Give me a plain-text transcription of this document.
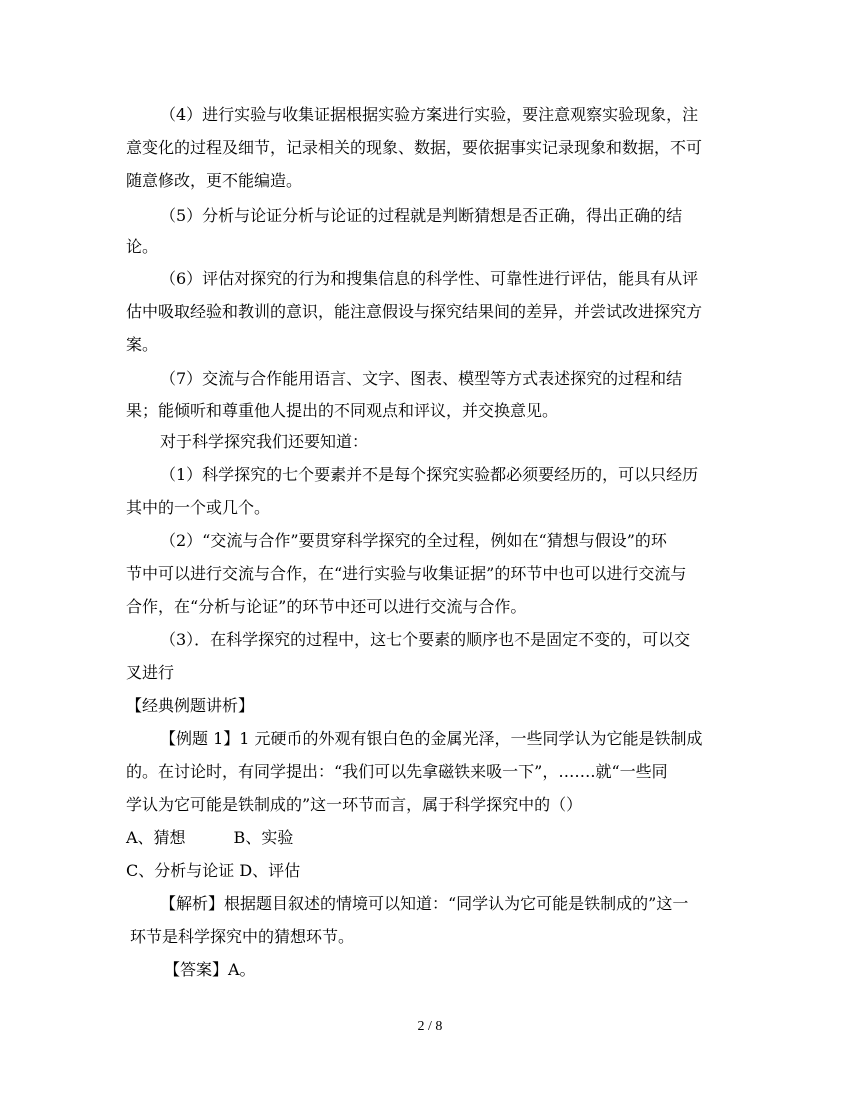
（4）进行实验与收集证据根据实验方案进行实验，要注意观察实验现象，注
意变化的过程及细节，记录相关的现象、数据，要依据事实记录现象和数据，不可
随意修改，更不能编造。
（5）分析与论证分析与论证的过程就是判断猜想是否正确，得出正确的结
论。
（6）评估对探究的行为和搜集信息的科学性、可靠性进行评估，能具有从评
估中吸取经验和教训的意识，能注意假设与探究结果间的差异，并尝试改进探究方
案。
（7）交流与合作能用语言、文字、图表、模型等方式表述探究的过程和结
果；能倾听和尊重他人提出的不同观点和评议，并交换意见。
对于科学探究我们还要知道：
（1）科学探究的七个要素并不是每个探究实验都必须要经历的，可以只经历
其中的一个或几个。
（2）“交流与合作”要贯穿科学探究的全过程，例如在“猜想与假设”的环
节中可以进行交流与合作，在“进行实验与收集证据”的环节中也可以进行交流与
合作，在“分析与论证”的环节中还可以进行交流与合作。
（3）．在科学探究的过程中，这七个要素的顺序也不是固定不变的，可以交
叉进行
【经典例题讲析】
【例题 1】1 元硬币的外观有银白色的金属光泽，一些同学认为它能是铁制成
的。在讨论时，有同学提出：“我们可以先拿磁铁来吸一下”，…….就“一些同
学认为它可能是铁制成的”这一环节而言，属于科学探究中的（）
A、猜想　　　B、实验
C、分析与论证 D、评估
【解析】根据题目叙述的情境可以知道：“同学认为它可能是铁制成的”这一
环节是科学探究中的猜想环节。
【答案】A。
2 / 8
